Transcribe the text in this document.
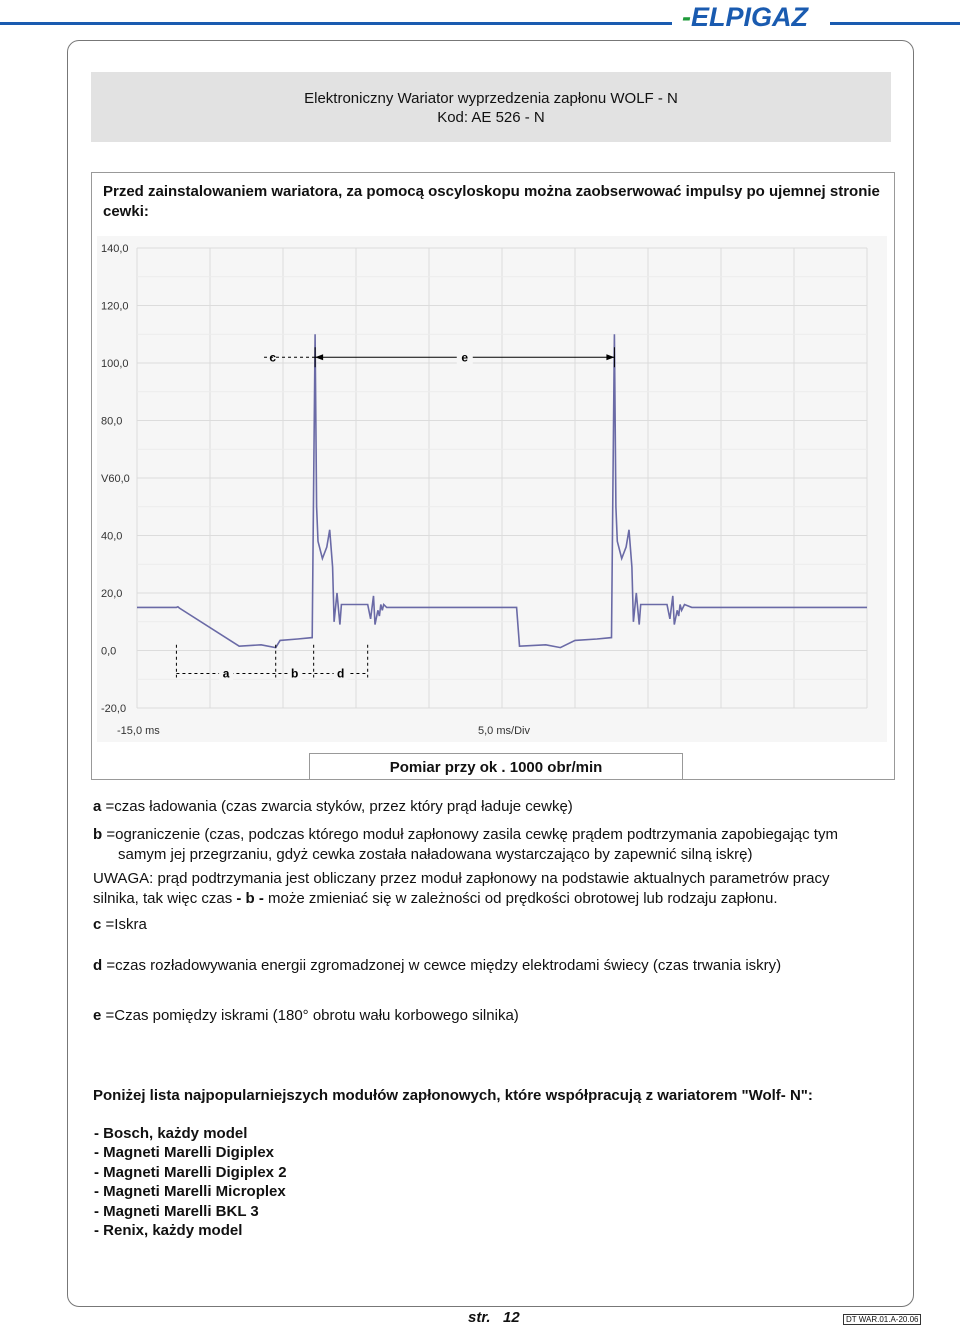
-ELPIGAZ
Elektroniczny Wariator wyprzedzenia zapłonu WOLF - N
Kod: AE 526 - N
Przed zainstalowaniem wariatora, za pomocą oscyloskopu można zaobserwować impulsy po ujemnej stronie cewki:
140,0
120,0
100,0
80,0
V60,0
40,0
20,0
0,0
-20,0
c	e
a	b	d
-15,0 ms	5,0 ms/Div
Pomiar przy ok . 1000 obr/min
a =czas ładowania (czas zwarcia styków, przez który prąd ładuje cewkę)
b =ograniczenie (czas, podczas którego moduł zapłonowy zasila cewkę prądem podtrzymania zapobiegając tym
samym jej przegrzaniu, gdyż cewka została naładowana wystarczająco by zapewnić silną iskrę)
UWAGA: prąd podtrzymania jest obliczany przez moduł zapłonowy na podstawie aktualnych parametrów pracy
silnika, tak więc czas - b - może zmieniać się w zależności od prędkości obrotowej lub rodzaju zapłonu.
c =Iskra
d =czas rozładowywania energii zgromadzonej w cewce między elektrodami świecy (czas trwania iskry)
e =Czas pomiędzy iskrami (180° obrotu wału korbowego silnika)
Poniżej lista najpopularniejszych modułów zapłonowych, które współpracują z wariatorem "Wolf- N":
- Bosch, każdy model
- Magneti Marelli Digiplex
- Magneti Marelli Digiplex 2
- Magneti Marelli Microplex
- Magneti Marelli BKL 3
- Renix, każdy model
str.   12	DT WAR.01.A-20.06
